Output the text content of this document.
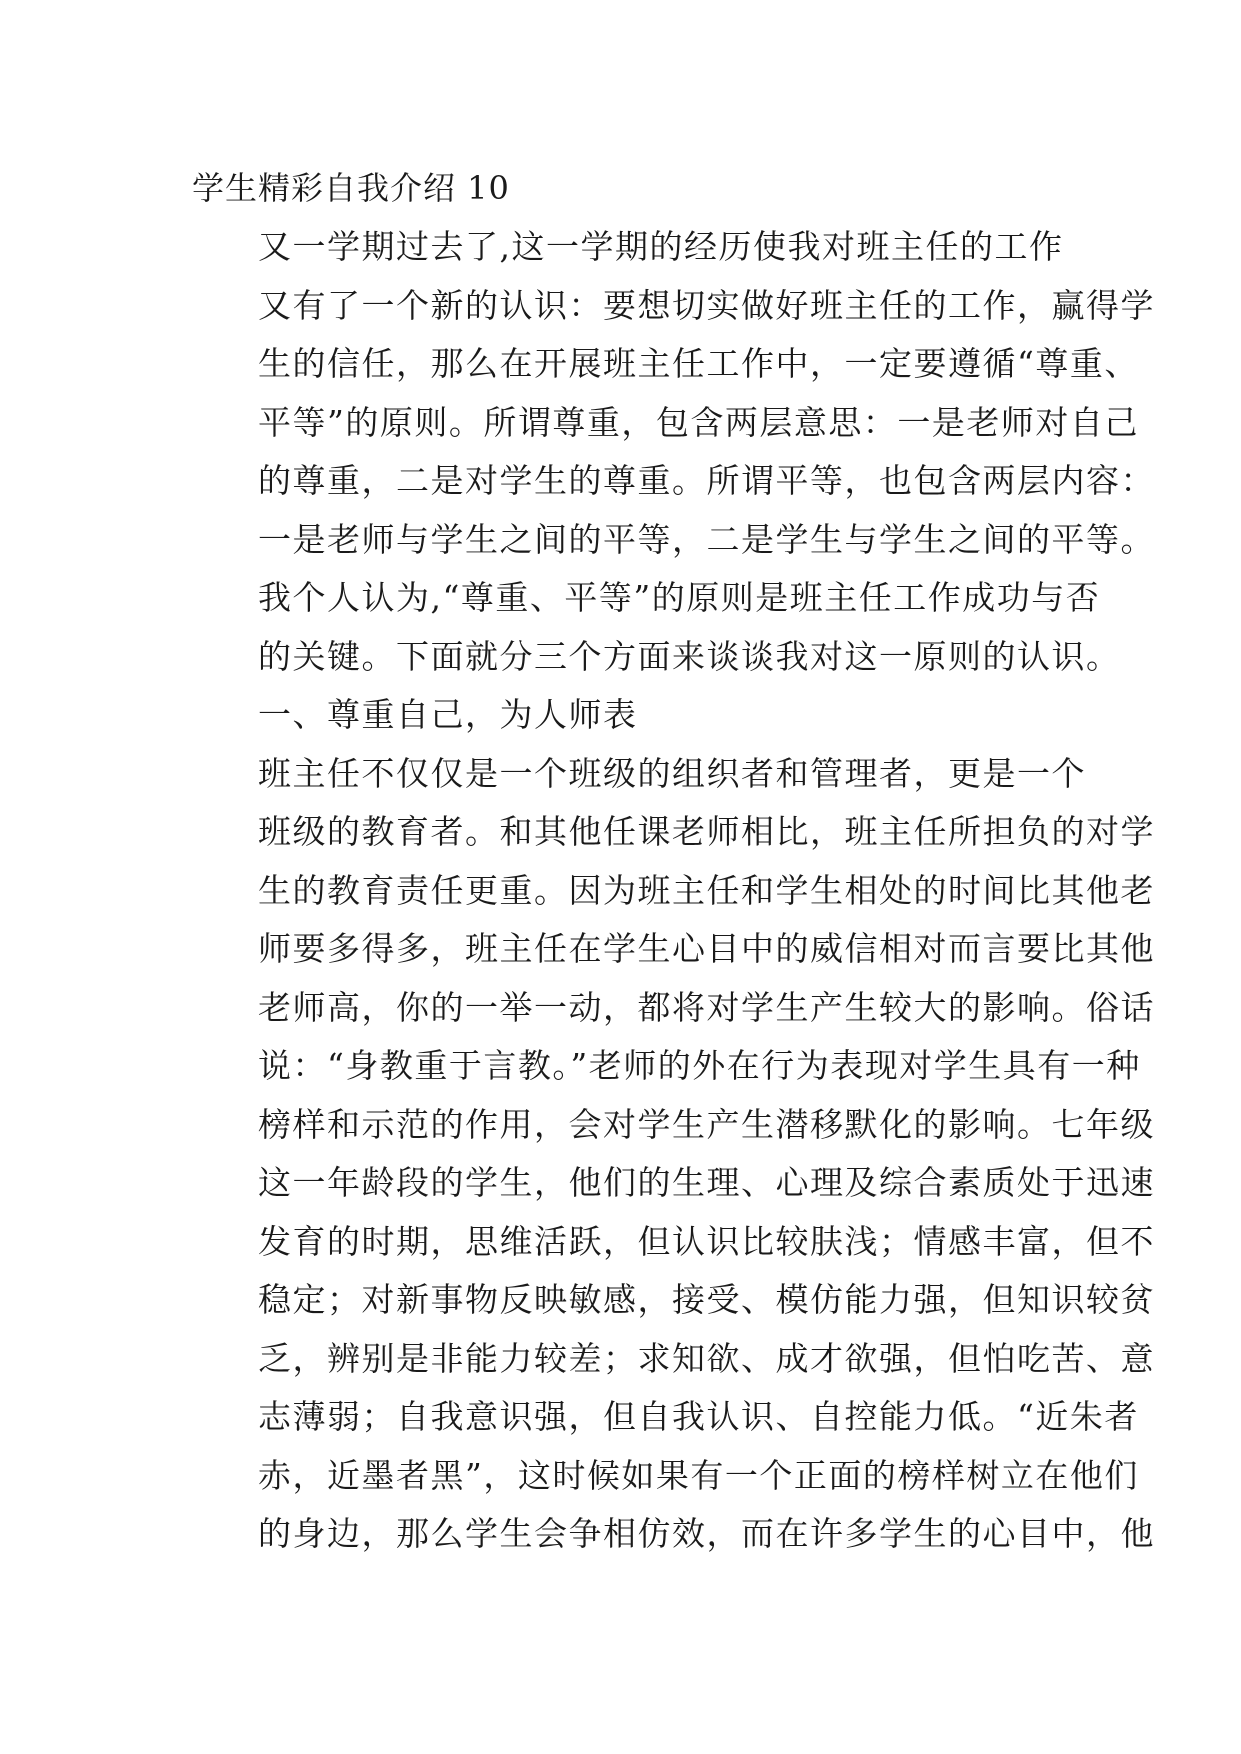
学生精彩自我介绍 10

又一学期过去了,这一学期的经历使我对班主任的工作
又有了一个新的认识：要想切实做好班主任的工作，赢得学
生的信任，那么在开展班主任工作中，一定要遵循“尊重、
平等”的原则。所谓尊重，包含两层意思：一是老师对自己
的尊重，二是对学生的尊重。所谓平等，也包含两层内容：
一是老师与学生之间的平等，二是学生与学生之间的平等。
我个人认为,“尊重、平等”的原则是班主任工作成功与否
的关键。下面就分三个方面来谈谈我对这一原则的认识。

一、尊重自己，为人师表

班主任不仅仅是一个班级的组织者和管理者，更是一个
班级的教育者。和其他任课老师相比，班主任所担负的对学
生的教育责任更重。因为班主任和学生相处的时间比其他老
师要多得多，班主任在学生心目中的威信相对而言要比其他
老师高，你的一举一动，都将对学生产生较大的影响。俗话
说：“身教重于言教。”老师的外在行为表现对学生具有一种
榜样和示范的作用，会对学生产生潜移默化的影响。七年级
这一年龄段的学生，他们的生理、心理及综合素质处于迅速
发育的时期，思维活跃，但认识比较肤浅；情感丰富，但不
稳定；对新事物反映敏感，接受、模仿能力强，但知识较贫
乏，辨别是非能力较差；求知欲、成才欲强，但怕吃苦、意
志薄弱；自我意识强，但自我认识、自控能力低。“近朱者
赤，近墨者黑”，这时候如果有一个正面的榜样树立在他们
的身边，那么学生会争相仿效，而在许多学生的心目中，他
